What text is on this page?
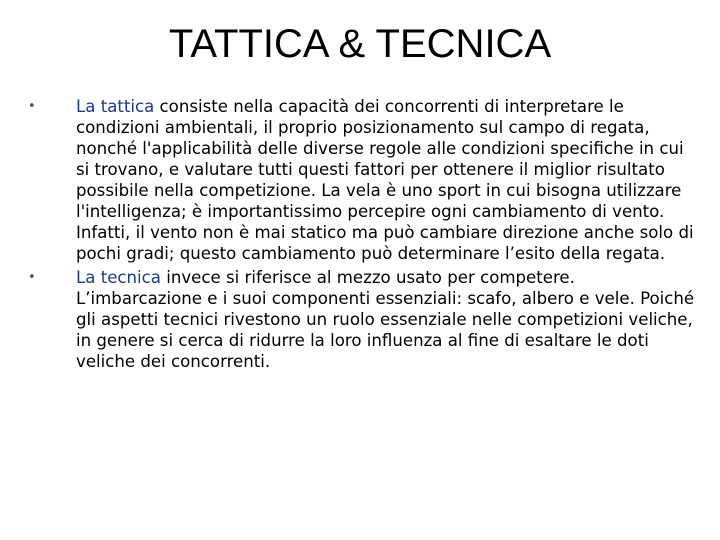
TATTICA & TECNICA
•	La tattica consiste nella capacità dei concorrenti di interpretare le condizioni ambientali, il proprio posizionamento sul campo di regata, nonché l'applicabilità delle diverse regole alle condizioni specifiche in cui si trovano, e valutare tutti questi fattori per ottenere il miglior risultato possibile nella competizione. La vela è uno sport in cui bisogna utilizzare l'intelligenza; è importantissimo percepire ogni cambiamento di vento. Infatti, il vento non è mai statico ma può cambiare direzione anche solo di pochi gradi; questo cambiamento può determinare l’esito della regata.
•	La tecnica invece si riferisce al mezzo usato per competere. L’imbarcazione e i suoi componenti essenziali: scafo, albero e vele. Poiché gli aspetti tecnici rivestono un ruolo essenziale nelle competizioni veliche, in genere si cerca di ridurre la loro influenza al fine di esaltare le doti veliche dei concorrenti.
